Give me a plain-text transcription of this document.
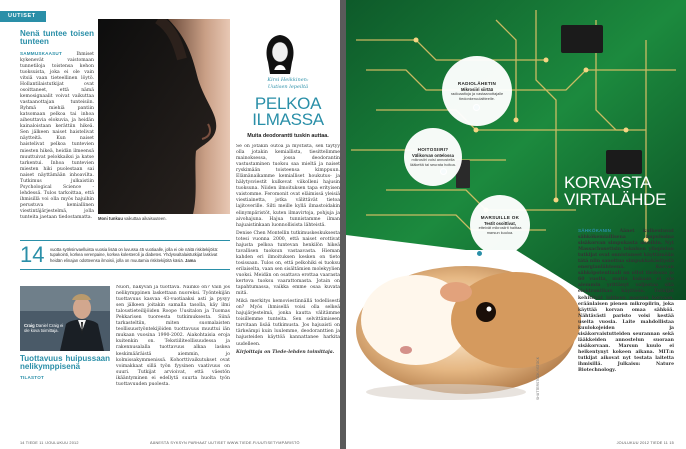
UUTISET
Nenä tuntee toisen tunteen

SAMMUSKAASUT	Ihmiset kykenevät vaistomaan tunnetiloja toistensa kehon tuoksuista, joka ei ole vain vitsiä vaan tieteellinen löytö. Hollantilaistutkijat ovat osoittaneet, että nämä kemosignaalit voivat vaikuttaa vastaanottajan tunteisiin. Ryhmä miehiä pantiin katsomaan pelkoa tai inhoa aiheuttavia elokuvia, ja heidän kainaloistaan kerättiin hikeä. Sen jälkeen naiset haistelivat näytteitä. Kun naiset haistelivat pelkoa tuntevien miesten hikeä, heidän ilmeensä muuttuivat pelokkaiksi ja katse tarkentui. Inhoa tuntevien miesten hiki puolestaan sai naiset näyttämään inhoavilta. Tutkimus julkaistiin Psychological Science -lehdessä. Tulos tarkoittaa, että ihmisillä voi olla myös hajuihin perustuva kemiallinen viestintäjärjestelmä, jolla tunteita jaetaan tiedostamatta.	Moni tunkuu vaikuttaa aikaisuuteen.
14	vuotta syöksinvaelluista vuosia lisää on luvussa 45 vuotiaalle, jolla ei ole näitä riskitekijöitä: tupakointi, korkea verenpaine, korkea kolesteroli ja diabetes. Yhdysvaltalaistutkijat laskivat heidän elinajan odotteensa ilmoisii, jolla on muutamia riskitekijöitä käsiä. Jama
Craig Daniel Craig ei ole kova toimittaja.
Tuottavuus huipussaan nelikymppisenä

TILASTOT

Nuori, näkyvän ja tuottava. Näinkö on? Vain jos nelikymppinen laskettaan nuoreksi. Työntekijän tuottavuus kasvaa 43-vuotiaaksi asti ja pysyy sen jälkeen joitakin samalla tasolla, käy ilmi taloustieteilijöiden Roope Uusitalon ja Tuomas Pekkarisen tuoreesta tutkimuksesta. Siinä tarkasteltiin, miten suomalaisten teollisuustyöntekijöiden tuottavuus muuttui iän mukaan vuosina 1990-2002. Aiakohtaisia eroja kuitenkin on. Tekstiiliteollisuudessa ja rakennusalalla tuottavuus alkaa laskea keskimääräistä aiemmin, jo kolmissakymmenissä. Kohorttivaikutukset ovat voimakkaat sillä työn fyysinen vaativuus on suuri. Tutkijat arvioivat, että väestön ikääntyminen ei edellytä suurta huolta työn tuottavuuden puolesta.

Kirsi Heikkinen:
Uutisen lepeiltä
PELKOA
ILMASSA
Muita deodorantti tuskin auttaa.

Se on jotakin outoa ja mystistä, sen täytyy olla jotakin kemiallista, tiesittelimme mainoksessa, jossa deodorantin vastustaminen tuoksu saa mieltä ja naiset ryskimään toisteensa kimppuun. Elämänaikamme kemialliset houkutus- ja hälytysviestit kulkevat viikolleni hajusin tuoksuna. Niiden ilmoituksen tapa erityisen vaistomme. Feromonit ovat eläimissä yleisiä viestiainetta, jotka välittävät tietoa lajitoverille. Silti meille kyllä ilmastoidakin elinympäristöt, kuten ilmavirtoja, pohjuja ja aivohajuna. Hajua tunnistamme ilman hajuaistinkaan luonnollisista lähteistä.

Denise Chen Montellin tutkimuskeskuksesta totesi vuonna 2000, että naiset erottivat hajusta pelkoa tuntevan henkilön hikeä tavallisen tuoksun vastaavasta. Hieman kahden eri ilmoituksen kesken on tieto tosissaan. Tulos on, että pelkohiki ei tuoksu erilaiselta, vaan sen sisältämien molekyylien vuoksi. Meidän on osattava erottaa vaarasta kertova tuoksu vaarattomasta. Jotain on tapahtumassa, vaikka emme osaa kuvata mitä.

Mikä merkitys kemoviestinnällä todellisesti on? Myös ihmisellä voisi olla selkeä hajujärjestelmä, jonka kautta välitämme toisillemme tunteita. Sen selvittämiseen tarvitaan lisää tutkimusta. Jos hajuaisti on tärkeämpi kuin luulemme, deodoranttien ja hajusteiden käyttöä kannattanee harkita uudelleen.

Kirjoittaja on Tiede-lehden toimittaja.

14 TIEDE 11 /JOULUKUU 2012	ÄÄNESTÄ SYKSYN PARHAAT UUTISET WWW.TIEDE.FI/UUTISETYMPÄRISTÖ
RADIOLÄHETIN
Mikrosiiri siirtää
radioaaltoja ja vastaanottajalle tiedonkeruulaitteelle.
HOITOSIIRI?
Välikorvan ontelossa
mikrosiiri voisi annostella lääkettä tai seurata hoitoa.
MARSUILLE OK
Testit osoittivat,
etteivät mikrosiirit haittaa marsun kuuloa.
KORVASTA
VIRTALÄHDE

SÄHKÖKANIN Äänet kulkeutuvat sähkökemiallisena impulssina sisäkorvan simpukasta aivoihin. Nyt Massachusettsin teknisen yliopiston tutkijat ovat onnistuneet käyttämään tätä niin sanottua simpukkakäsitystä energianlähteenä. Korvan sähköpotentiaali on ollut tiedossa jo 60 vuotta, mutta kukaan ei ole aiemmin yrittänyt valjastaa sitä elektroniikan käyttöön. Tutkijat kehittivät laitteen marsun korvaan, eräänlaisen pienen mikropiirin, joka käyttää korvan omaa sähköä. Nähtävästi paristo voisi kestää useita vuosia. Laite mahdollistaa kuulokojeiden ja sisäkorvaistutteiden seurannan sekä lääkkeiden annostelun suoraan sisäkorvaan. Marsun kuulo ei heikentynyt kokeen aikana. MIT:n tutkijat aikovat nyt testata laitetta ihmisillä. Julkaisu: Nature Biotechnology.

SHUTTERSTOCK / ISTOCK
JOULUKUU 2012 TIEDE 11 15
